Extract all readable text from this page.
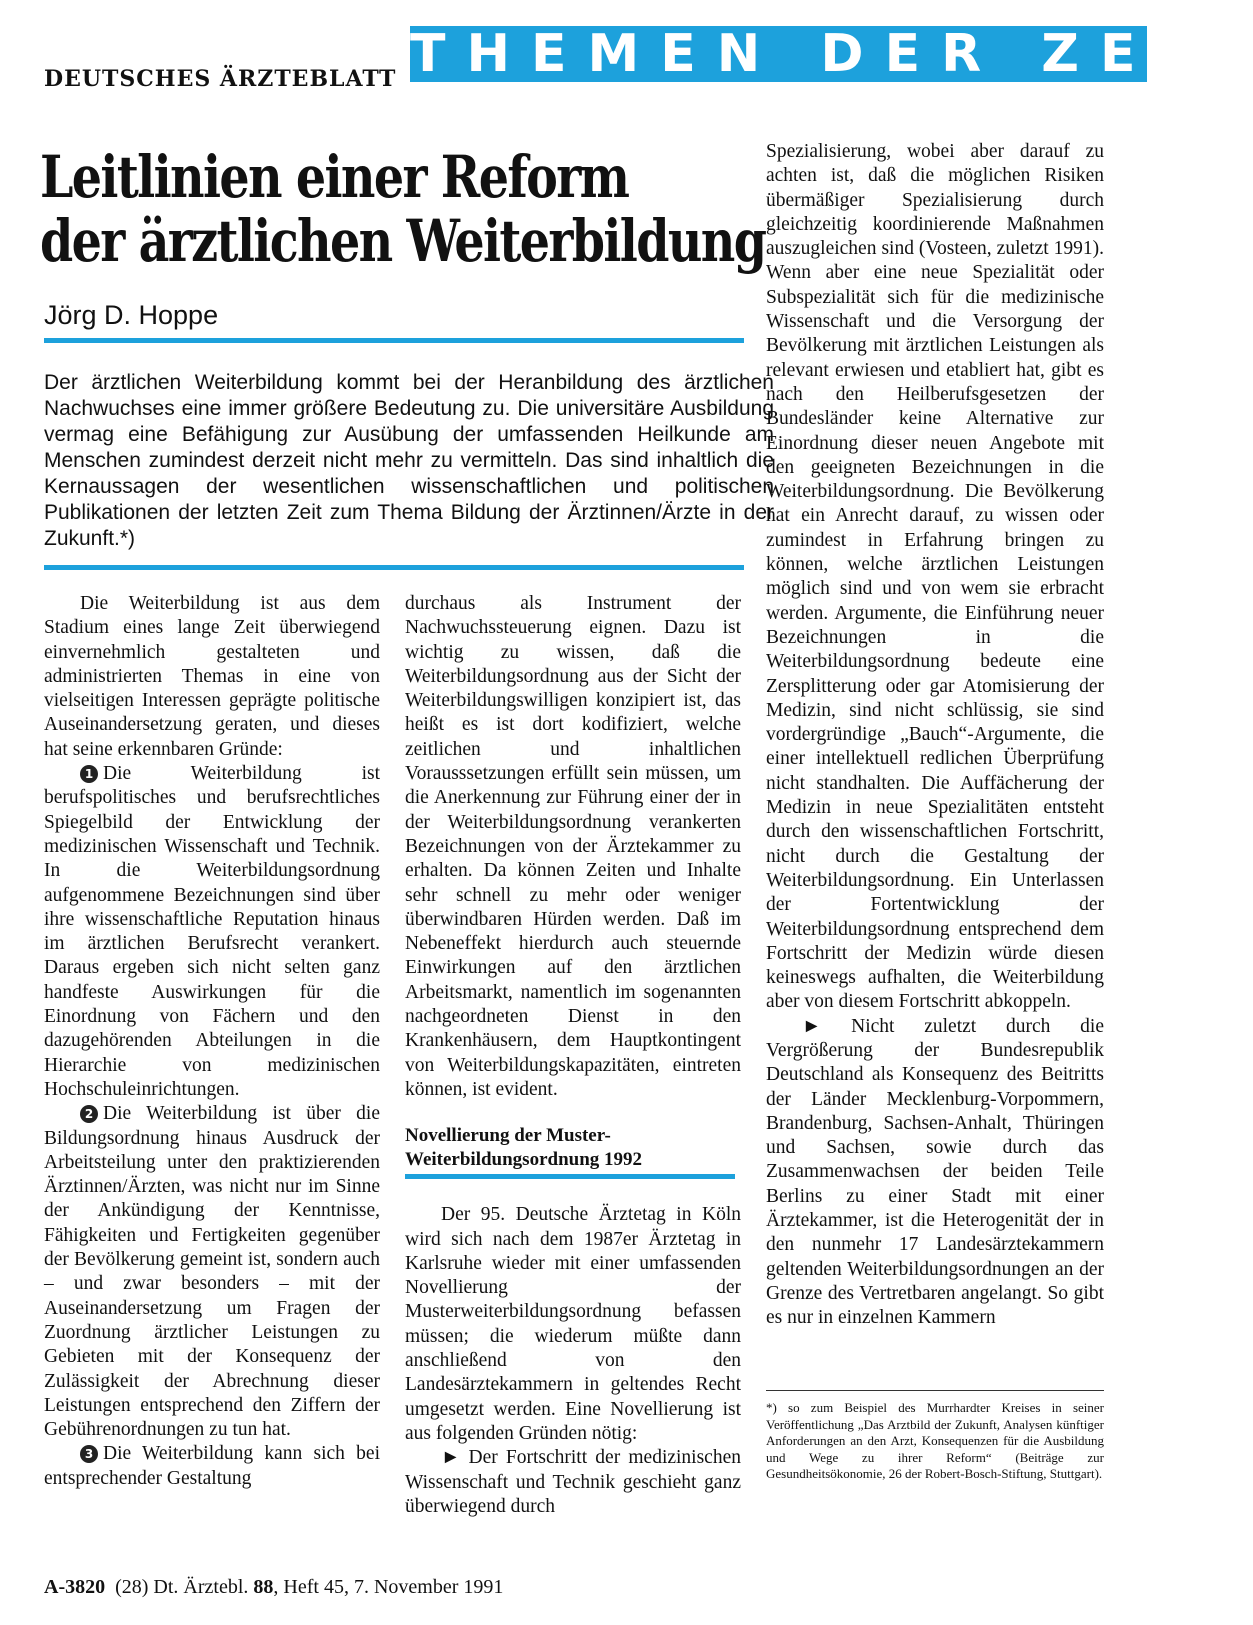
DEUTSCHES ÄRZTEBLATT THEMEN DER ZEIT
Leitlinien einer Reform
der ärztlichen Weiterbildung
Jörg D. Hoppe
Der ärztlichen Weiterbildung kommt bei der Heranbildung des ärztlichen Nachwuchses eine immer größere Bedeutung zu. Die universitäre Ausbildung vermag eine Befähigung zur Ausübung der umfassenden Heilkunde am Menschen zumindest derzeit nicht mehr zu vermitteln. Das sind inhaltlich die Kernaussagen der wesentlichen wissenschaftlichen und politischen Publikationen der letzten Zeit zum Thema Bildung der Ärztinnen/Ärzte in der Zukunft.*)

Die Weiterbildung ist aus dem Stadium eines lange Zeit überwiegend einvernehmlich gestalteten und administrierten Themas in eine von vielseitigen Interessen geprägte politische Auseinandersetzung geraten, und dieses hat seine erkennbaren Gründe:

1 Die Weiterbildung ist berufspolitisches und berufsrechtliches Spiegelbild der Entwicklung der medizinischen Wissenschaft und Technik. In die Weiterbildungsordnung aufgenommene Bezeichnungen sind über ihre wissenschaftliche Reputation hinaus im ärztlichen Berufsrecht verankert. Daraus ergeben sich nicht selten ganz handfeste Auswirkungen für die Einordnung von Fächern und den dazugehörenden Abteilungen in die Hierarchie von medizinischen Hochschuleinrichtungen.

2 Die Weiterbildung ist über die Bildungsordnung hinaus Ausdruck der Arbeitsteilung unter den praktizierenden Ärztinnen/Ärzten, was nicht nur im Sinne der Ankündigung der Kenntnisse, Fähigkeiten und Fertigkeiten gegenüber der Bevölkerung gemeint ist, sondern auch – und zwar besonders – mit der Auseinandersetzung um Fragen der Zuordnung ärztlicher Leistungen zu Gebieten mit der Konsequenz der Zulässigkeit der Abrechnung dieser Leistungen entsprechend den Ziffern der Gebührenordnungen zu tun hat.

3 Die Weiterbildung kann sich bei entsprechender Gestaltung

durchaus als Instrument der Nachwuchssteuerung eignen. Dazu ist wichtig zu wissen, daß die Weiterbildungsordnung aus der Sicht der Weiterbildungswilligen konzipiert ist, das heißt es ist dort kodifiziert, welche zeitlichen und inhaltlichen Vorausssetzungen erfüllt sein müssen, um die Anerkennung zur Führung einer der in der Weiterbildungsordnung verankerten Bezeichnungen von der Ärztekammer zu erhalten. Da können Zeiten und Inhalte sehr schnell zu mehr oder weniger überwindbaren Hürden werden. Daß im Nebeneffekt hierdurch auch steuernde Einwirkungen auf den ärztlichen Arbeitsmarkt, namentlich im sogenannten nachgeordneten Dienst in den Krankenhäusern, dem Hauptkontingent von Weiterbildungskapazitäten, eintreten können, ist evident.

Novellierung der Muster-
Weiterbildungsordnung 1992

Der 95. Deutsche Ärztetag in Köln wird sich nach dem 1987er Ärztetag in Karlsruhe wieder mit einer umfassenden Novellierung der Musterweiterbildungsordnung befassen müssen; die wiederum müßte dann anschließend von den Landesärztekammern in geltendes Recht umgesetzt werden. Eine Novellierung ist aus folgenden Gründen nötig:

► Der Fortschritt der medizinischen Wissenschaft und Technik geschieht ganz überwiegend durch

Spezialisierung, wobei aber darauf zu achten ist, daß die möglichen Risiken übermäßiger Spezialisierung durch gleichzeitig koordinierende Maßnahmen auszugleichen sind (Vosteen, zuletzt 1991). Wenn aber eine neue Spezialität oder Subspezialität sich für die medizinische Wissenschaft und die Versorgung der Bevölkerung mit ärztlichen Leistungen als relevant erwiesen und etabliert hat, gibt es nach den Heilberufsgesetzen der Bundesländer keine Alternative zur Einordnung dieser neuen Angebote mit den geeigneten Bezeichnungen in die Weiterbildungsordnung. Die Bevölkerung hat ein Anrecht darauf, zu wissen oder zumindest in Erfahrung bringen zu können, welche ärztlichen Leistungen möglich sind und von wem sie erbracht werden. Argumente, die Einführung neuer Bezeichnungen in die Weiterbildungsordnung bedeute eine Zersplitterung oder gar Atomisierung der Medizin, sind nicht schlüssig, sie sind vordergründige „Bauch“-Argumente, die einer intellektuell redlichen Überprüfung nicht standhalten. Die Auffächerung der Medizin in neue Spezialitäten entsteht durch den wissenschaftlichen Fortschritt, nicht durch die Gestaltung der Weiterbildungsordnung. Ein Unterlassen der Fortentwicklung der Weiterbildungsordnung entsprechend dem Fortschritt der Medizin würde diesen keineswegs aufhalten, die Weiterbildung aber von diesem Fortschritt abkoppeln.

► Nicht zuletzt durch die Vergrößerung der Bundesrepublik Deutschland als Konsequenz des Beitritts der Länder Mecklenburg-Vorpommern, Brandenburg, Sachsen-Anhalt, Thüringen und Sachsen, sowie durch das Zusammenwachsen der beiden Teile Berlins zu einer Stadt mit einer Ärztekammer, ist die Heterogenität der in den nunmehr 17 Landesärztekammern geltenden Weiterbildungsordnungen an der Grenze des Vertretbaren angelangt. So gibt es nur in einzelnen Kammern

*) so zum Beispiel des Murrhardter Kreises in seiner Veröffentlichung „Das Arztbild der Zukunft, Analysen künftiger Anforderungen an den Arzt, Konsequenzen für die Ausbildung und Wege zu ihrer Reform“ (Beiträge zur Gesundheitsökonomie, 26 der Robert-Bosch-Stiftung, Stuttgart).
A-3820 (28) Dt. Ärztebl. 88, Heft 45, 7. November 1991
